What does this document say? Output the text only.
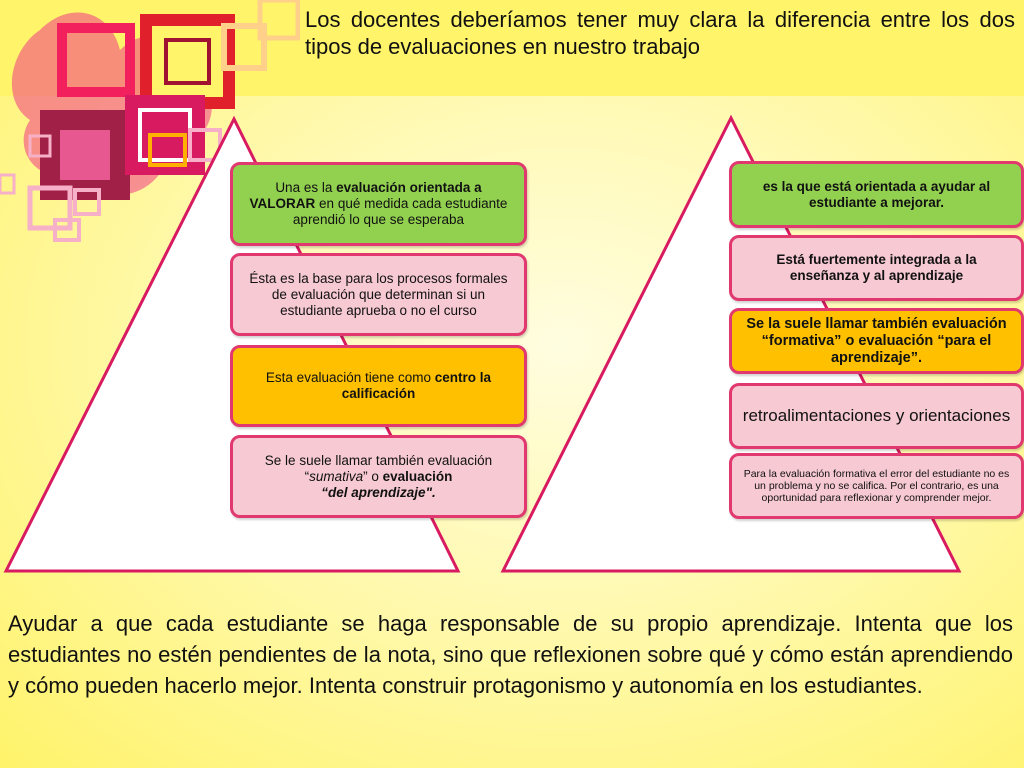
Los docentes deberíamos tener muy clara la diferencia entre los dos tipos de evaluaciones en nuestro trabajo
Una es la evaluación orientada a VALORAR en qué medida cada estudiante aprendió lo que se esperaba
Ésta es la base para los procesos formales de evaluación que determinan si un estudiante aprueba o no el curso
Esta evaluación tiene como centro la calificación
Se le suele llamar también evaluación “sumativa” o evaluación
“del aprendizaje".
es la que está orientada a ayudar al estudiante a mejorar.
Está fuertemente integrada a la enseñanza y al aprendizaje
Se la suele llamar también evaluación “formativa” o evaluación “para el aprendizaje”.
retroalimentaciones y orientaciones
Para la evaluación formativa el error del estudiante no es un problema y no se califica. Por el contrario, es una oportunidad para reflexionar y comprender mejor.
Ayudar a que cada estudiante se haga responsable de su propio aprendizaje. Intenta que los estudiantes no estén pendientes de la nota, sino que reflexionen sobre qué y cómo están aprendiendo y cómo pueden hacerlo mejor. Intenta construir protagonismo y autonomía en los estudiantes.
